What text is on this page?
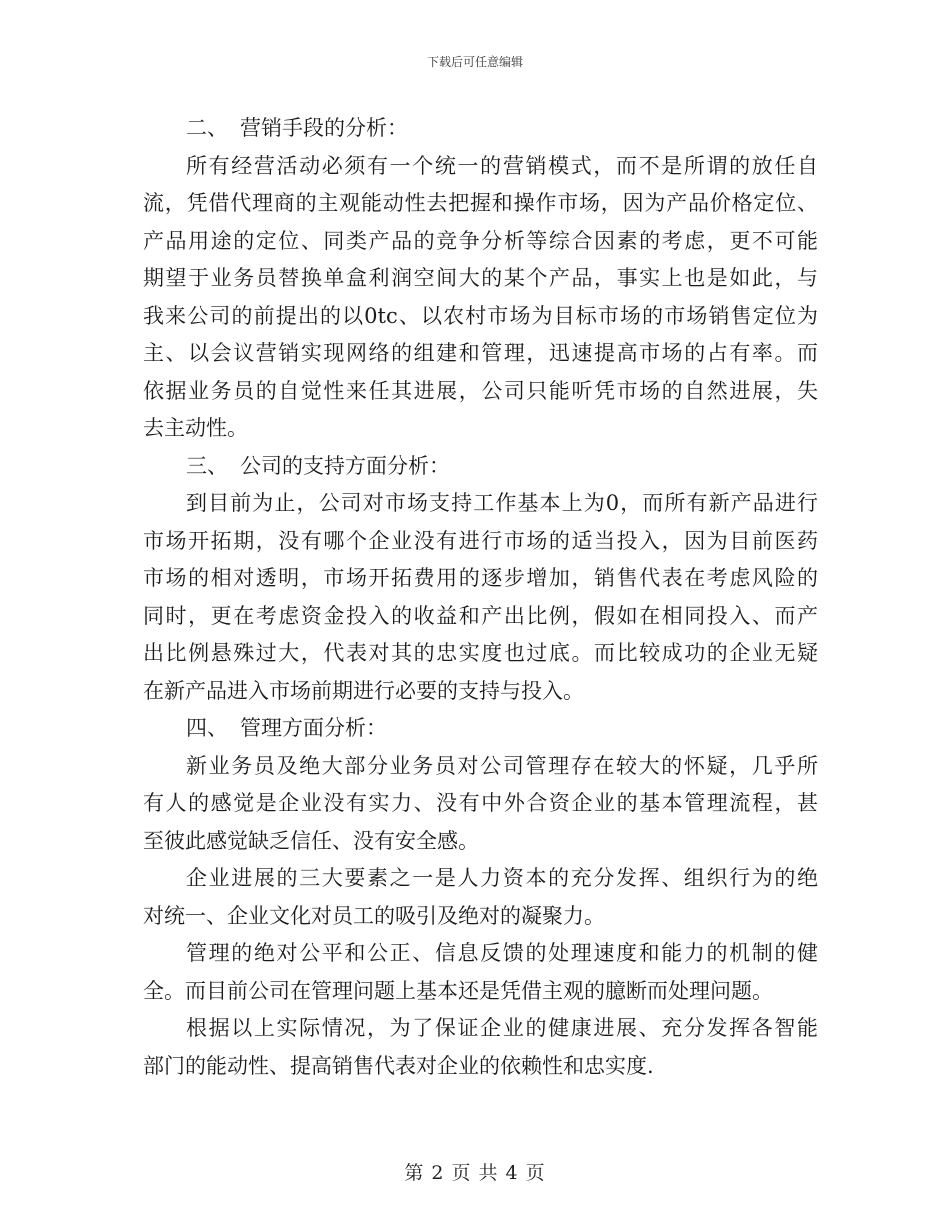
下载后可任意编辑
二、 营销手段的分析：
所有经营活动必须有一个统一的营销模式，而不是所谓的放任自
流，凭借代理商的主观能动性去把握和操作市场，因为产品价格定位、
产品用途的定位、同类产品的竞争分析等综合因素的考虑，更不可能
期望于业务员替换单盒利润空间大的某个产品，事实上也是如此，与
我来公司的前提出的以0tc、以农村市场为目标市场的市场销售定位为
主、以会议营销实现网络的组建和管理，迅速提高市场的占有率。而
依据业务员的自觉性来任其进展，公司只能听凭市场的自然进展，失
去主动性。
三、 公司的支持方面分析：
到目前为止，公司对市场支持工作基本上为0，而所有新产品进行
市场开拓期，没有哪个企业没有进行市场的适当投入，因为目前医药
市场的相对透明，市场开拓费用的逐步增加，销售代表在考虑风险的
同时，更在考虑资金投入的收益和产出比例，假如在相同投入、而产
出比例悬殊过大，代表对其的忠实度也过底。而比较成功的企业无疑
在新产品进入市场前期进行必要的支持与投入。
四、 管理方面分析：
新业务员及绝大部分业务员对公司管理存在较大的怀疑，几乎所
有人的感觉是企业没有实力、没有中外合资企业的基本管理流程，甚
至彼此感觉缺乏信任、没有安全感。
企业进展的三大要素之一是人力资本的充分发挥、组织行为的绝
对统一、企业文化对员工的吸引及绝对的凝聚力。
管理的绝对公平和公正、信息反馈的处理速度和能力的机制的健
全。而目前公司在管理问题上基本还是凭借主观的臆断而处理问题。
根据以上实际情况，为了保证企业的健康进展、充分发挥各智能
部门的能动性、提高销售代表对企业的依赖性和忠实度.
第 2 页 共 4 页
